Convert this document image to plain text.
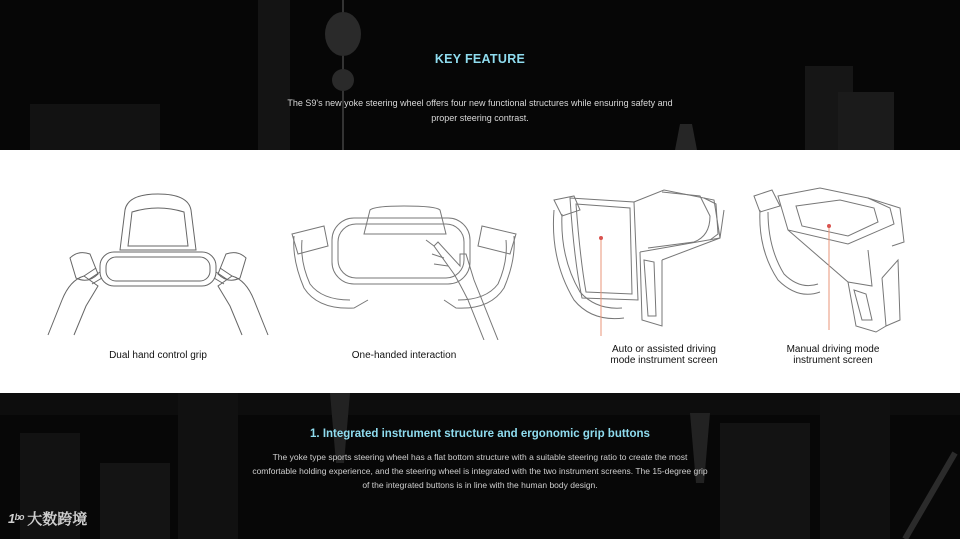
KEY FEATURE
The S9's new yoke steering wheel offers four new functional structures while ensuring safety and proper steering contrast.
Dual hand control grip	One-handed interaction
Auto or assisted driving
mode instrument screen
Manual driving mode
instrument screen
1. Integrated instrument structure and ergonomic grip buttons
The yoke type sports steering wheel has a flat bottom structure with a suitable steering ratio to create the most comfortable holding experience, and the steering wheel is integrated with the two instrument screens. The 15-degree grip of the integrated buttons is in line with the human body design.
1ᵇᵒ 大数跨境
